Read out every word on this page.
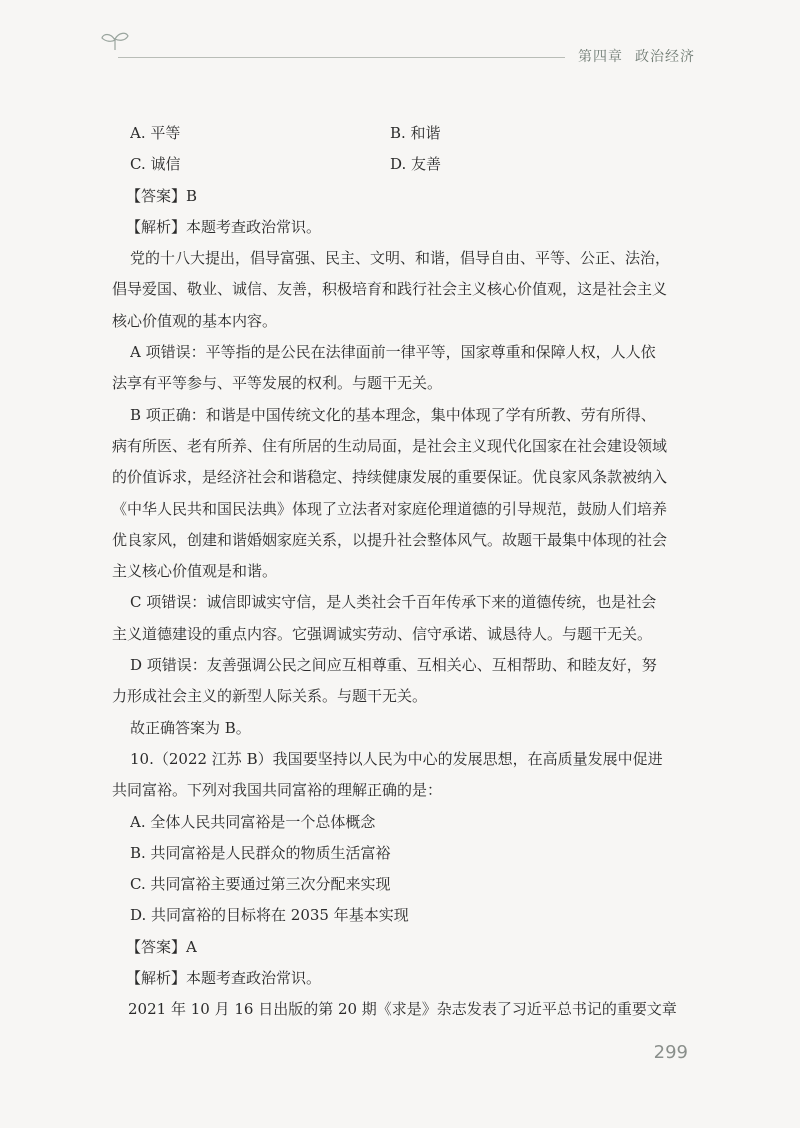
第四章 政治经济
A. 平等	B. 和谐
C. 诚信	D. 友善
【答案】B
【解析】本题考查政治常识。
党的十八大提出，倡导富强、民主、文明、和谐，倡导自由、平等、公正、法治，
倡导爱国、敬业、诚信、友善，积极培育和践行社会主义核心价值观，这是社会主义
核心价值观的基本内容。
A 项错误：平等指的是公民在法律面前一律平等，国家尊重和保障人权，人人依
法享有平等参与、平等发展的权利。与题干无关。
B 项正确：和谐是中国传统文化的基本理念，集中体现了学有所教、劳有所得、
病有所医、老有所养、住有所居的生动局面，是社会主义现代化国家在社会建设领域
的价值诉求，是经济社会和谐稳定、持续健康发展的重要保证。优良家风条款被纳入
《中华人民共和国民法典》体现了立法者对家庭伦理道德的引导规范，鼓励人们培养
优良家风，创建和谐婚姻家庭关系，以提升社会整体风气。故题干最集中体现的社会
主义核心价值观是和谐。
C 项错误：诚信即诚实守信，是人类社会千百年传承下来的道德传统，也是社会
主义道德建设的重点内容。它强调诚实劳动、信守承诺、诚恳待人。与题干无关。
D 项错误：友善强调公民之间应互相尊重、互相关心、互相帮助、和睦友好，努
力形成社会主义的新型人际关系。与题干无关。
故正确答案为 B。
10.（2022 江苏 B）我国要坚持以人民为中心的发展思想，在高质量发展中促进
共同富裕。下列对我国共同富裕的理解正确的是：
A. 全体人民共同富裕是一个总体概念
B. 共同富裕是人民群众的物质生活富裕
C. 共同富裕主要通过第三次分配来实现
D. 共同富裕的目标将在 2035 年基本实现
【答案】A
【解析】本题考查政治常识。
2021 年 10 月 16 日出版的第 20 期《求是》杂志发表了习近平总书记的重要文章
299
